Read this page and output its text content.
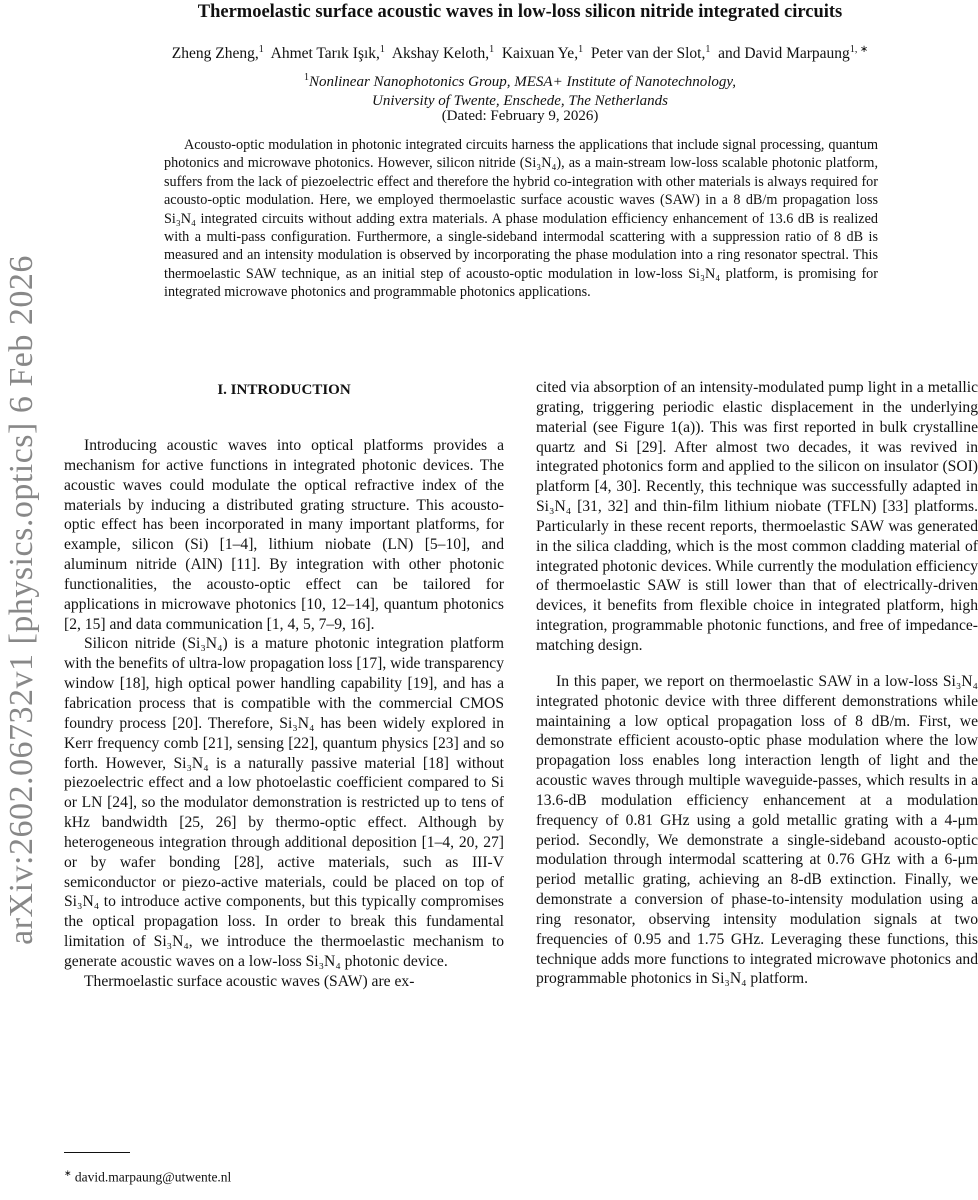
arXiv:2602.06732v1 [physics.optics] 6 Feb 2026
Thermoelastic surface acoustic waves in low-loss silicon nitride integrated circuits
Zheng Zheng,$^1$ Ahmet Tarık Işık,$^1$ Akshay Keloth,$^1$ Kaixuan Ye,$^1$ Peter van der Slot,$^1$ and David Marpaung$^{1, ∗}$
$^1$Nonlinear Nanophotonics Group, MESA+ Institute of Nanotechnology,
University of Twente, Enschede, The Netherlands
(Dated: February 9, 2026)
Acousto-optic modulation in photonic integrated circuits harness the applications that include signal processing, quantum photonics and microwave photonics. However, silicon nitride (Si₃N₄), as a main-stream low-loss scalable photonic platform, suffers from the lack of piezoelectric effect and therefore the hybrid co-integration with other materials is always required for acousto-optic modulation. Here, we employed thermoelastic surface acoustic waves (SAW) in a 8 dB/m propagation loss Si₃N₄ integrated circuits without adding extra materials. A phase modulation efficiency enhancement of 13.6 dB is realized with a multi-pass configuration. Furthermore, a single-sideband intermodal scattering with a suppression ratio of 8 dB is measured and an intensity modulation is observed by incorporating the phase modulation into a ring resonator spectral. This thermoelastic SAW technique, as an initial step of acousto-optic modulation in low-loss Si₃N₄ platform, is promising for integrated microwave photonics and programmable photonics applications.

I. INTRODUCTION

Introducing acoustic waves into optical platforms provides a mechanism for active functions in integrated photonic devices. The acoustic waves could modulate the optical refractive index of the materials by inducing a distributed grating structure. This acousto-optic effect has been incorporated in many important platforms, for example, silicon (Si) [1–4], lithium niobate (LN) [5–10], and aluminum nitride (AlN) [11]. By integration with other photonic functionalities, the acousto-optic effect can be tailored for applications in microwave photonics [10, 12–14], quantum photonics [2, 15] and data communication [1, 4, 5, 7–9, 16].

Silicon nitride (Si₃N₄) is a mature photonic integration platform with the benefits of ultra-low propagation loss [17], wide transparency window [18], high optical power handling capability [19], and has a fabrication process that is compatible with the commercial CMOS foundry process [20]. Therefore, Si₃N₄ has been widely explored in Kerr frequency comb [21], sensing [22], quantum physics [23] and so forth. However, Si₃N₄ is a naturally passive material [18] without piezoelectric effect and a low photoelastic coefficient compared to Si or LN [24], so the modulator demonstration is restricted up to tens of kHz bandwidth [25, 26] by thermo-optic effect. Although by heterogeneous integration through additional deposition [1–4, 20, 27] or by wafer bonding [28], active materials, such as III-V semiconductor or piezo-active materials, could be placed on top of Si₃N₄ to introduce active components, but this typically compromises the optical propagation loss. In order to break this fundamental limitation of Si₃N₄, we introduce the thermoelastic mechanism to generate acoustic waves on a low-loss Si₃N₄ photonic device.

Thermoelastic surface acoustic waves (SAW) are ex-

cited via absorption of an intensity-modulated pump light in a metallic grating, triggering periodic elastic displacement in the underlying material (see Figure 1(a)). This was first reported in bulk crystalline quartz and Si [29]. After almost two decades, it was revived in integrated photonics form and applied to the silicon on insulator (SOI) platform [4, 30]. Recently, this technique was successfully adapted in Si₃N₄ [31, 32] and thin-film lithium niobate (TFLN) [33] platforms. Particularly in these recent reports, thermoelastic SAW was generated in the silica cladding, which is the most common cladding material of integrated photonic devices. While currently the modulation efficiency of thermoelastic SAW is still lower than that of electrically-driven devices, it benefits from flexible choice in integrated platform, high integration, programmable photonic functions, and free of impedance-matching design.

In this paper, we report on thermoelastic SAW in a low-loss Si₃N₄ integrated photonic device with three different demonstrations while maintaining a low optical propagation loss of 8 dB/m. First, we demonstrate efficient acousto-optic phase modulation where the low propagation loss enables long interaction length of light and the acoustic waves through multiple waveguide-passes, which results in a 13.6-dB modulation efficiency enhancement at a modulation frequency of 0.81 GHz using a gold metallic grating with a 4-μm period. Secondly, We demonstrate a single-sideband acousto-optic modulation through intermodal scattering at 0.76 GHz with a 6-μm period metallic grating, achieving an 8-dB extinction. Finally, we demonstrate a conversion of phase-to-intensity modulation using a ring resonator, observing intensity modulation signals at two frequencies of 0.95 and 1.75 GHz. Leveraging these functions, this technique adds more functions to integrated microwave photonics and programmable photonics in Si₃N₄ platform.

∗ david.marpaung@utwente.nl
